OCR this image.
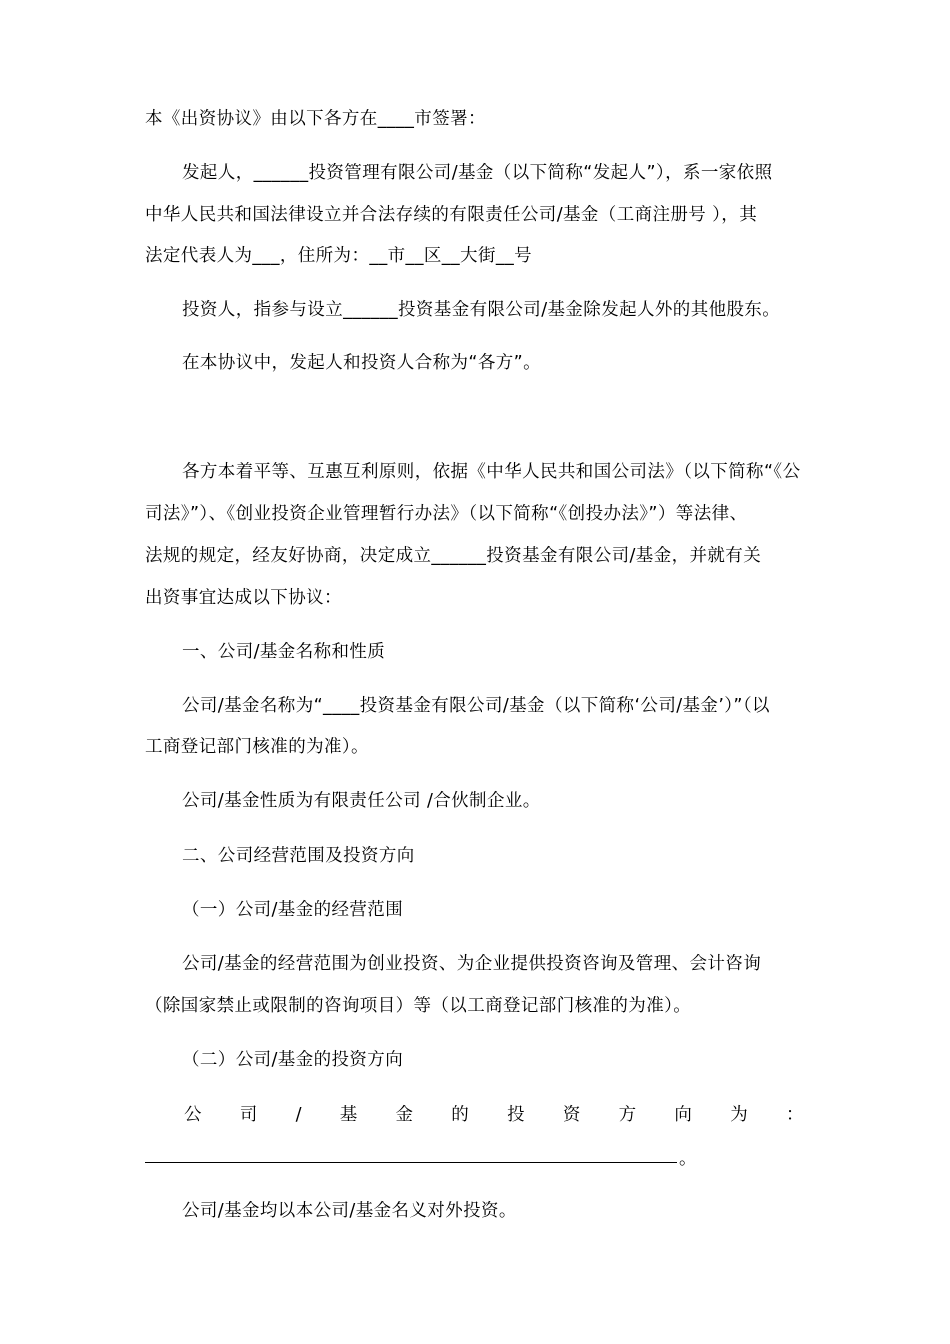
本《出资协议》由以下各方在____市签署：
发起人，______投资管理有限公司/基金（以下简称“发起人”），系一家依照
中华人民共和国法律设立并合法存续的有限责任公司/基金（工商注册号 ），其
法定代表人为___，住所为：__市__区__大街__号
投资人，指参与设立______投资基金有限公司/基金除发起人外的其他股东。
在本协议中，发起人和投资人合称为“各方”。
各方本着平等、互惠互利原则，依据《中华人民共和国公司法》（以下简称“《公
司法》”）、《创业投资企业管理暂行办法》（以下简称“《创投办法》”）等法律、
法规的规定，经友好协商，决定成立______投资基金有限公司/基金，并就有关
出资事宜达成以下协议：
一、公司/基金名称和性质
公司/基金名称为“____投资基金有限公司/基金（以下简称‘公司/基金’）”（以
工商登记部门核准的为准）。
公司/基金性质为有限责任公司 /合伙制企业。
二、公司经营范围及投资方向
（一）公司/基金的经营范围
公司/基金的经营范围为创业投资、为企业提供投资咨询及管理、会计咨询
（除国家禁止或限制的咨询项目）等（以工商登记部门核准的为准）。
（二）公司/基金的投资方向
公 司 / 基 金 的 投 资 方 向 为 ：
。
公司/基金均以本公司/基金名义对外投资。
